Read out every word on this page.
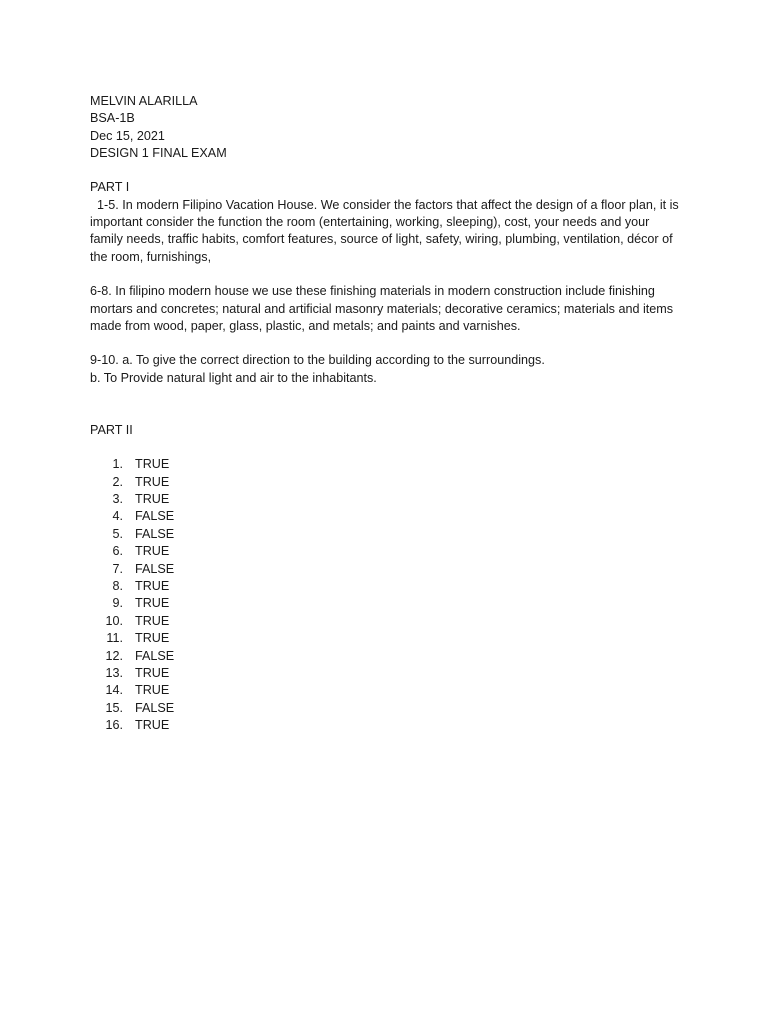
MELVIN ALARILLA
BSA-1B
Dec 15, 2021
DESIGN 1 FINAL EXAM
PART I

1-5. In modern Filipino Vacation House. We consider the factors that affect the design of a floor plan, it is important consider the function the room (entertaining, working, sleeping), cost, your needs and your family needs, traffic habits, comfort features, source of light, safety, wiring, plumbing, ventilation, décor of the room, furnishings,

6-8. In filipino modern house we use these finishing materials in modern construction include finishing mortars and concretes; natural and artificial masonry materials; decorative ceramics; materials and items made from wood, paper, glass, plastic, and metals; and paints and varnishes.

9-10. a. To give the correct direction to the building according to the surroundings.
b. To Provide natural light and air to the inhabitants.
PART II
1. TRUE
2. TRUE
3. TRUE
4. FALSE
5. FALSE
6. TRUE
7. FALSE
8. TRUE
9. TRUE
10. TRUE
11. TRUE
12. FALSE
13. TRUE
14. TRUE
15. FALSE
16. TRUE
